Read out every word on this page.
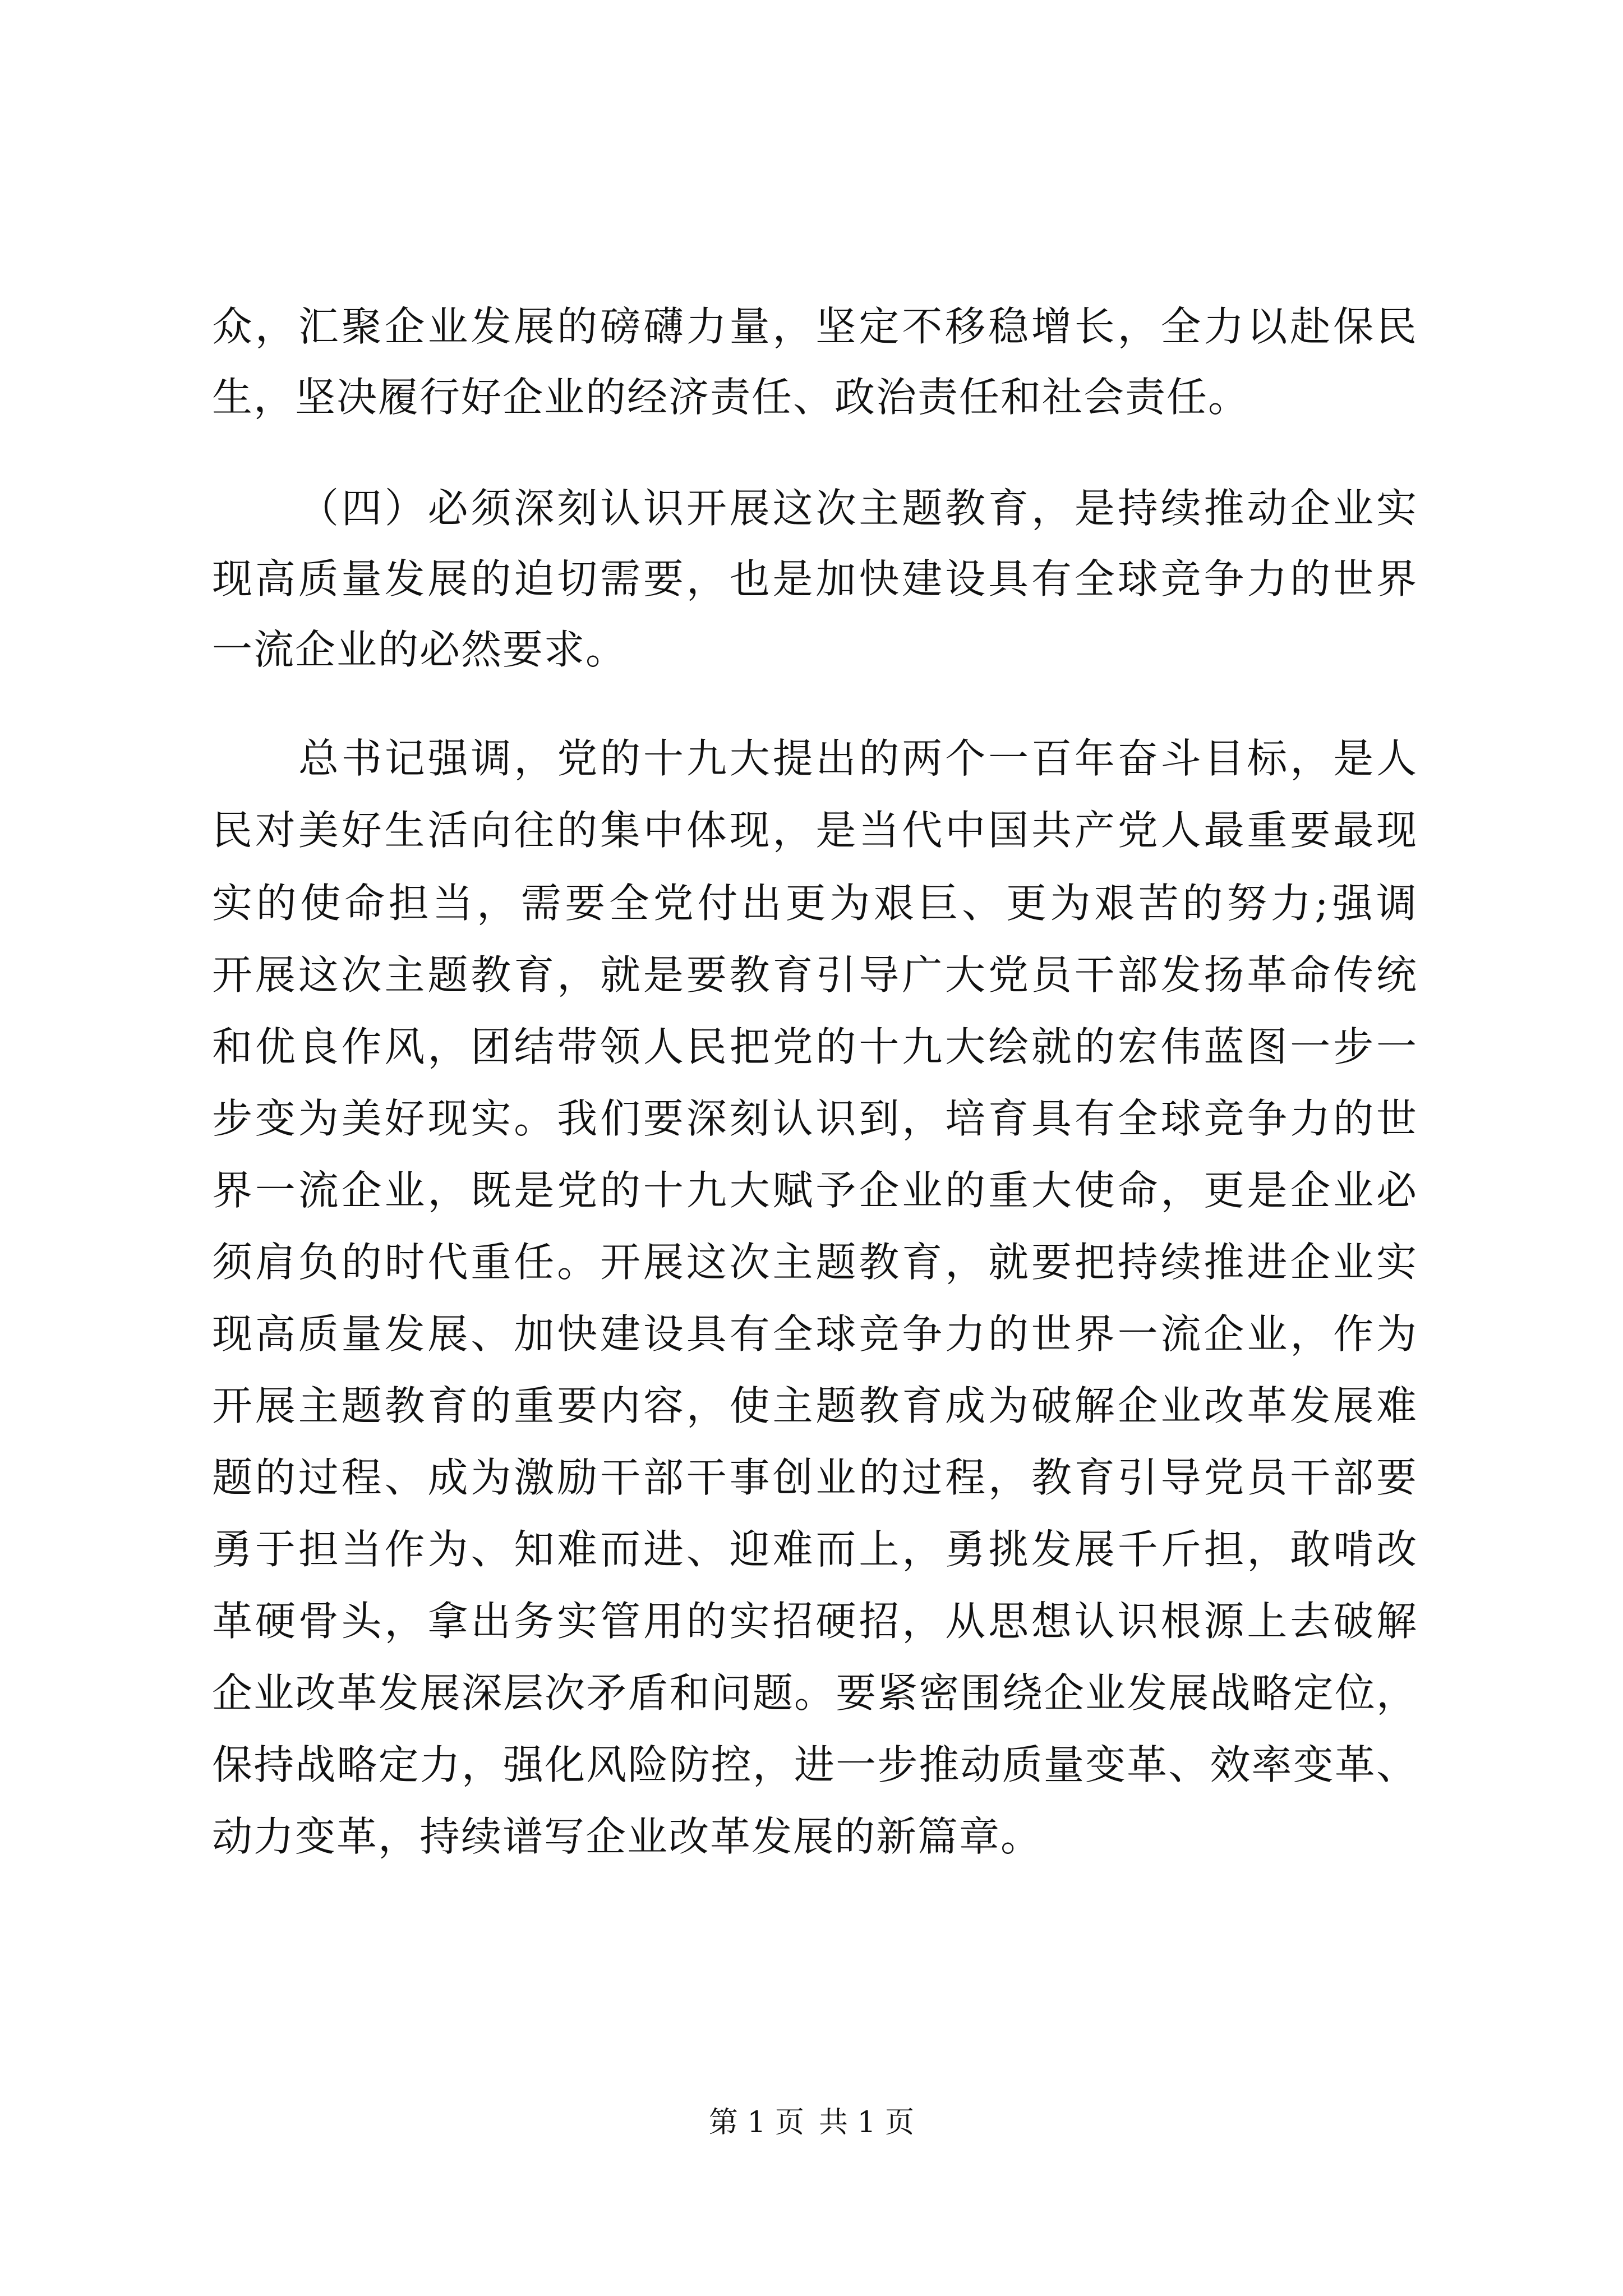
众，汇聚企业发展的磅礴力量，坚定不移稳增长，全力以赴保民
生，坚决履行好企业的经济责任、政治责任和社会责任。
（四）必须深刻认识开展这次主题教育，是持续推动企业实
现高质量发展的迫切需要，也是加快建设具有全球竞争力的世界
一流企业的必然要求。
总书记强调，党的十九大提出的两个一百年奋斗目标，是人
民对美好生活向往的集中体现，是当代中国共产党人最重要最现
实的使命担当，需要全党付出更为艰巨、更为艰苦的努力;强调
开展这次主题教育，就是要教育引导广大党员干部发扬革命传统
和优良作风，团结带领人民把党的十九大绘就的宏伟蓝图一步一
步变为美好现实。我们要深刻认识到，培育具有全球竞争力的世
界一流企业，既是党的十九大赋予企业的重大使命，更是企业必
须肩负的时代重任。开展这次主题教育，就要把持续推进企业实
现高质量发展、加快建设具有全球竞争力的世界一流企业，作为
开展主题教育的重要内容，使主题教育成为破解企业改革发展难
题的过程、成为激励干部干事创业的过程，教育引导党员干部要
勇于担当作为、知难而进、迎难而上，勇挑发展千斤担，敢啃改
革硬骨头，拿出务实管用的实招硬招，从思想认识根源上去破解
企业改革发展深层次矛盾和问题。要紧密围绕企业发展战略定位，
保持战略定力，强化风险防控，进一步推动质量变革、效率变革、
动力变革，持续谱写企业改革发展的新篇章。
第 1 页 共 1 页
